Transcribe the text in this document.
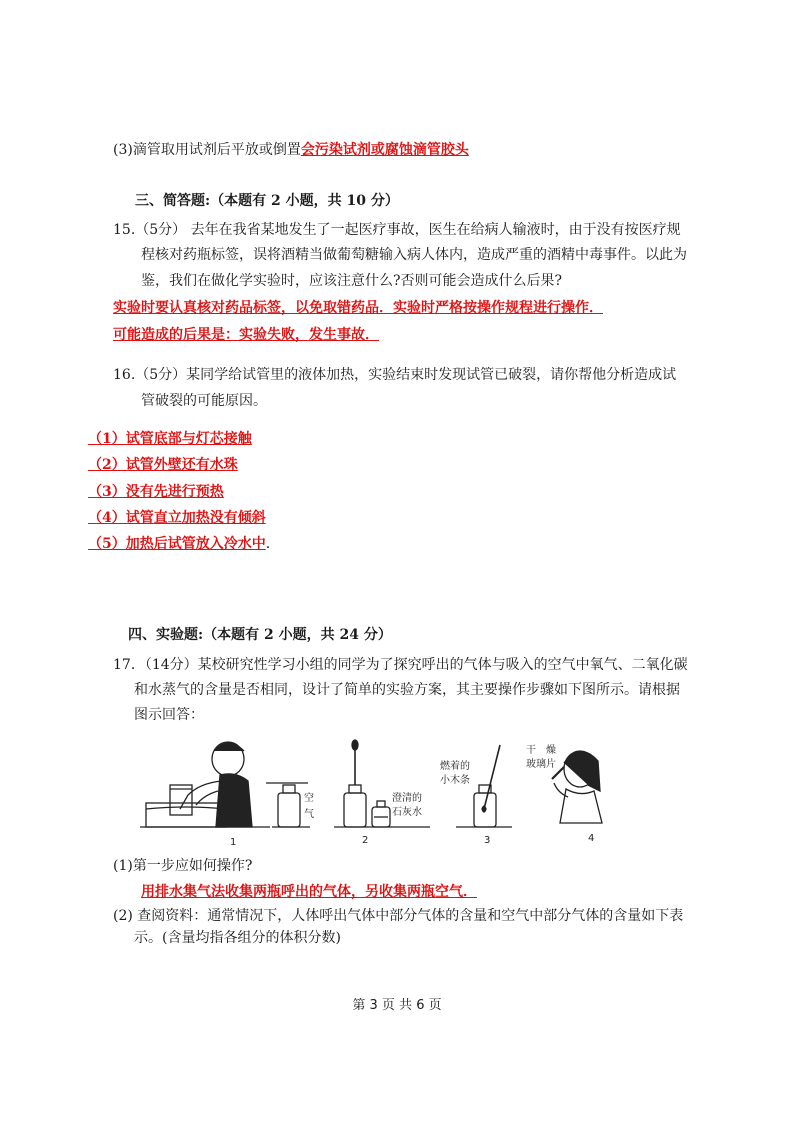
(3)滴管取用试剂后平放或倒置会污染试剂或腐蚀滴管胶头
三、简答题:（本题有 2 小题，共 10 分）
15.（5分） 去年在我省某地发生了一起医疗事故，医生在给病人输液时，由于没有按医疗规
程核对药瓶标签，误将酒精当做葡萄糖输入病人体内，造成严重的酒精中毒事件。以此为
鉴，我们在做化学实验时，应该注意什么?否则可能会造成什么后果?
实验时要认真核对药品标签，以免取错药品．实验时严格按操作规程进行操作．
可能造成的后果是：实验失败，发生事故．
16.（5分）某同学给试管里的液体加热，实验结束时发现试管已破裂，请你帮他分析造成试
管破裂的可能原因。
（1）试管底部与灯芯接触
（2）试管外壁还有水珠
（3）没有先进行预热
（4）试管直立加热没有倾斜
（5）加热后试管放入冷水中.
四、实验题:（本题有 2 小题，共 24 分）
17．（14分）某校研究性学习小组的同学为了探究呼出的气体与吸入的空气中氧气、二氧化碳
和水蒸气的含量是否相同，设计了简单的实验方案，其主要操作步骤如下图所示。请根据
图示回答：
空
气
澄清的
石灰水
燃着的
小木条
干　燥
玻璃片
1	2	3	4
(1)第一步应如何操作?
用排水集气法收集两瓶呼出的气体，另收集两瓶空气．
(2) 查阅资料：通常情况下，人体呼出气体中部分气体的含量和空气中部分气体的含量如下表
示。(含量均指各组分的体积分数)
第 3 页 共 6 页
